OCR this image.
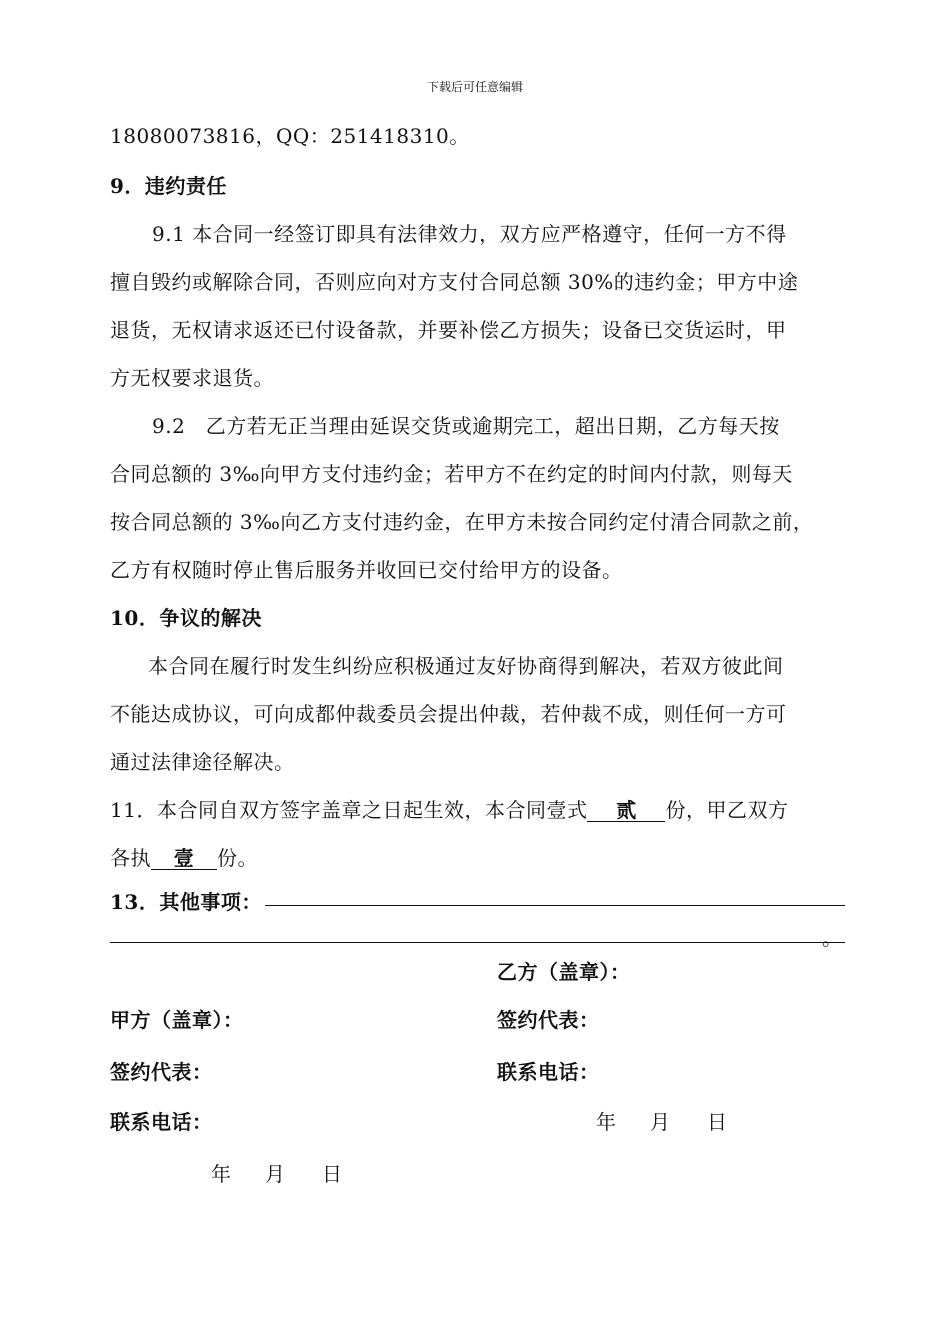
下载后可任意编辑
18080073816，QQ：251418310。
9．违约责任
9.1 本合同一经签订即具有法律效力，双方应严格遵守，任何一方不得
擅自毁约或解除合同，否则应向对方支付合同总额 30%的违约金；甲方中途
退货，无权请求返还已付设备款，并要补偿乙方损失；设备已交货运时，甲
方无权要求退货。
9.2　乙方若无正当理由延误交货或逾期完工，超出日期，乙方每天按
合同总额的 3‰向甲方支付违约金；若甲方不在约定的时间内付款，则每天
按合同总额的 3‰向乙方支付违约金，在甲方未按合同约定付清合同款之前，
乙方有权随时停止售后服务并收回已交付给甲方的设备。
10．争议的解决
本合同在履行时发生纠纷应积极通过友好协商得到解决，若双方彼此间
不能达成协议，可向成都仲裁委员会提出仲裁，若仲裁不成，则任何一方可
通过法律途径解决。
11．本合同自双方签字盖章之日起生效，本合同壹式 贰 份，甲乙双方
各执 壹 份。
13．其他事项：
。
乙方（盖章）：
甲方（盖章）：	签约代表：
签约代表：	联系电话：
联系电话：	年 月 日
年 月 日
